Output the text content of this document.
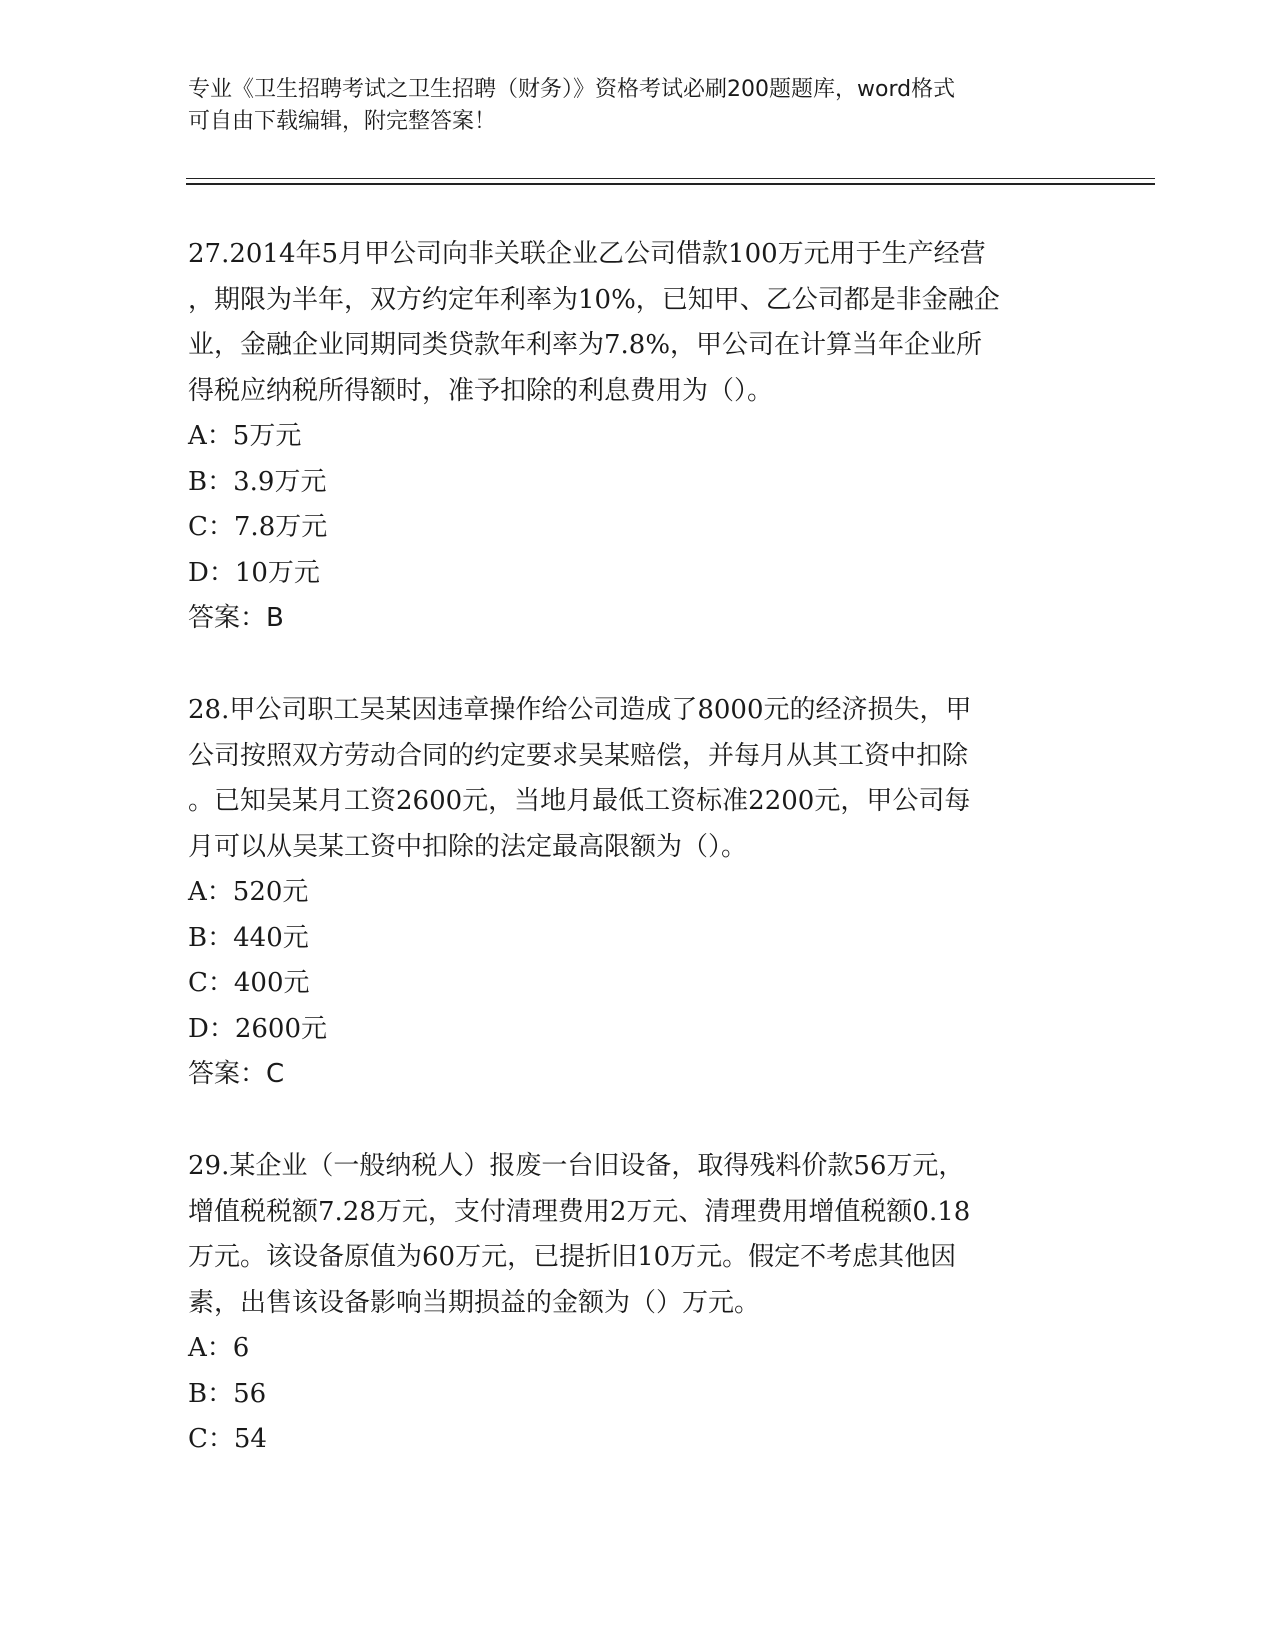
专业《卫生招聘考试之卫生招聘（财务）》资格考试必刷200题题库，word格式
可自由下载编辑，附完整答案！
27.2014年5月甲公司向非关联企业乙公司借款100万元用于生产经营
，期限为半年，双方约定年利率为10%，已知甲、乙公司都是非金融企
业，金融企业同期同类贷款年利率为7.8%，甲公司在计算当年企业所
得税应纳税所得额时，准予扣除的利息费用为（）。
A：5万元
B：3.9万元
C：7.8万元
D：10万元
答案：B
28.甲公司职工吴某因违章操作给公司造成了8000元的经济损失，甲
公司按照双方劳动合同的约定要求吴某赔偿，并每月从其工资中扣除
。已知吴某月工资2600元，当地月最低工资标准2200元，甲公司每
月可以从吴某工资中扣除的法定最高限额为（）。
A：520元
B：440元
C：400元
D：2600元
答案：C
29.某企业（一般纳税人）报废一台旧设备，取得残料价款56万元，
增值税税额7.28万元，支付清理费用2万元、清理费用增值税额0.18
万元。该设备原值为60万元，已提折旧10万元。假定不考虑其他因
素，出售该设备影响当期损益的金额为（）万元。
A：6
B：56
C：54
